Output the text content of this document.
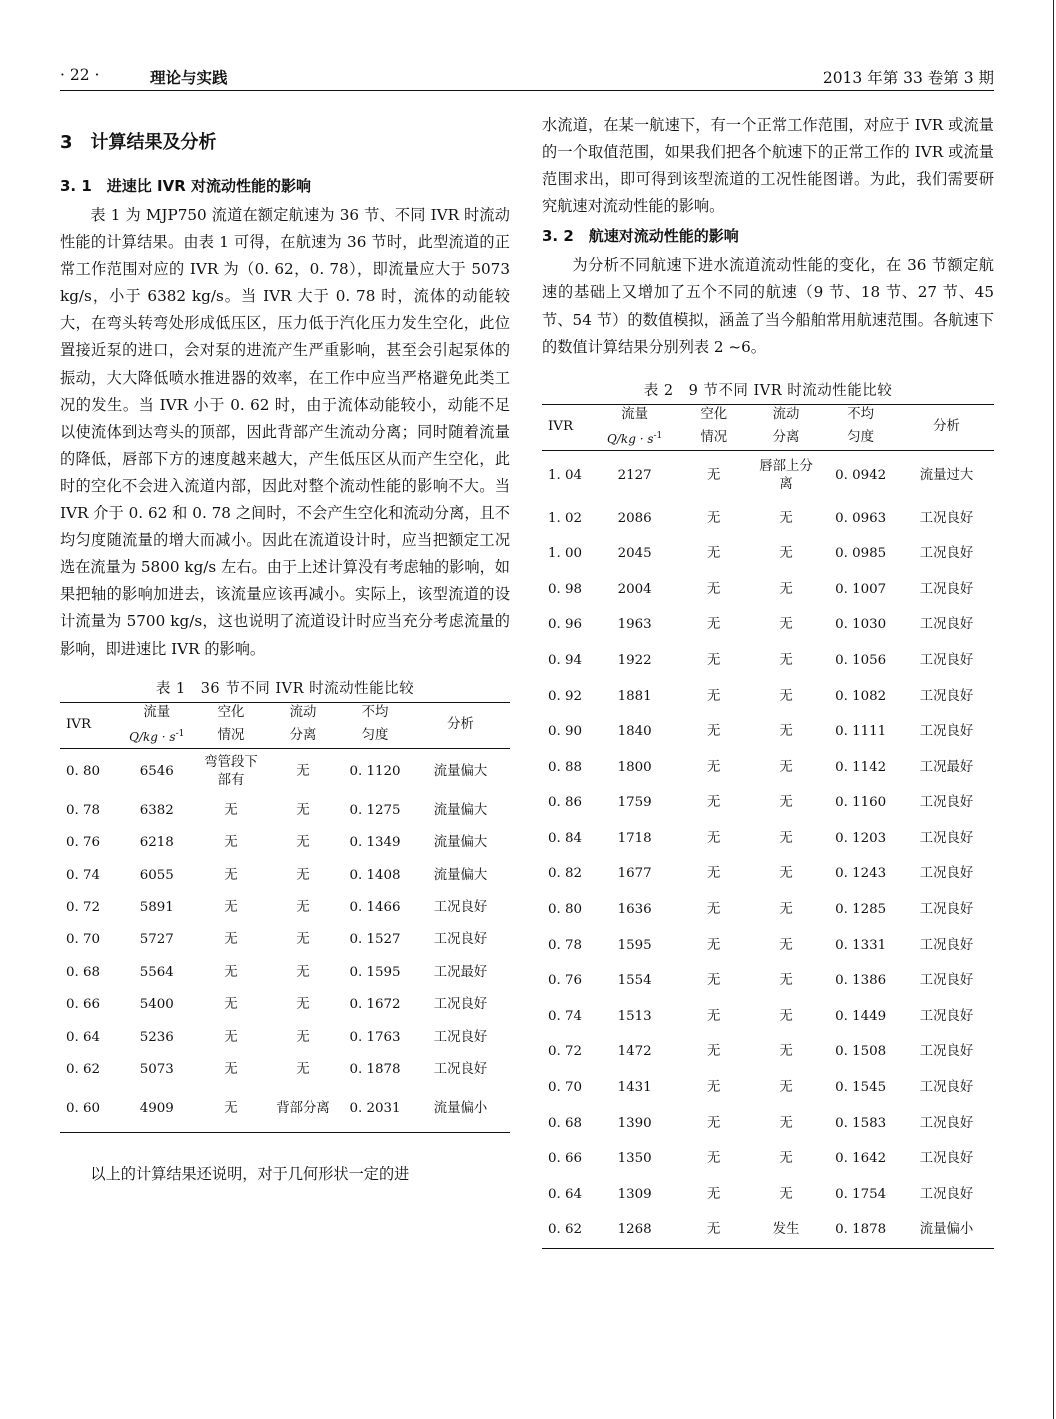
· 22 ·	理论与实践	2013 年第 33 卷第 3 期
3　计算结果及分析
3. 1　进速比 IVR 对流动性能的影响

表 1 为 MJP750 流道在额定航速为 36 节、不同 IVR 时流动性能的计算结果。由表 1 可得，在航速为 36 节时，此型流道的正常工作范围对应的 IVR 为（0. 62，0. 78），即流量应大于 5073 kg/s，小于 6382 kg/s。当 IVR 大于 0. 78 时，流体的动能较大，在弯头转弯处形成低压区，压力低于汽化压力发生空化，此位置接近泵的进口，会对泵的进流产生严重影响，甚至会引起泵体的振动，大大降低喷水推进器的效率，在工作中应当严格避免此类工况的发生。当 IVR 小于 0. 62 时，由于流体动能较小，动能不足以使流体到达弯头的顶部，因此背部产生流动分离；同时随着流量的降低，唇部下方的速度越来越大，产生低压区从而产生空化，此时的空化不会进入流道内部，因此对整个流动性能的影响不大。当 IVR 介于 0. 62 和 0. 78 之间时，不会产生空化和流动分离，且不均匀度随流量的增大而减小。因此在流道设计时，应当把额定工况选在流量为 5800 kg/s 左右。由于上述计算没有考虑轴的影响，如果把轴的影响加进去，该流量应该再减小。实际上，该型流道的设计流量为 5700 kg/s，这也说明了流道设计时应当充分考虑流量的影响，即进速比 IVR 的影响。

表 1　36 节不同 IVR 时流动性能比较
IVR	流量	空化	流动	不均	分析
	$Q/kg \cdot s^{-1}$	情况	分离	匀度	
0. 80	6546	弯管段下部有	无	0. 1120	流量偏大
0. 78	6382	无	无	0. 1275	流量偏大
0. 76	6218	无	无	0. 1349	流量偏大
0. 74	6055	无	无	0. 1408	流量偏大
0. 72	5891	无	无	0. 1466	工况良好
0. 70	5727	无	无	0. 1527	工况良好
0. 68	5564	无	无	0. 1595	工况最好
0. 66	5400	无	无	0. 1672	工况良好
0. 64	5236	无	无	0. 1763	工况良好
0. 62	5073	无	无	0. 1878	工况良好
0. 60	4909	无	背部分离	0. 2031	流量偏小

以上的计算结果还说明，对于几何形状一定的进

水流道，在某一航速下，有一个正常工作范围，对应于 IVR 或流量的一个取值范围，如果我们把各个航速下的正常工作的 IVR 或流量范围求出，即可得到该型流道的工况性能图谱。为此，我们需要研究航速对流动性能的影响。

3. 2　航速对流动性能的影响

为分析不同航速下进水流道流动性能的变化，在 36 节额定航速的基础上又增加了五个不同的航速（9 节、18 节、27 节、45 节、54 节）的数值模拟，涵盖了当今船舶常用航速范围。各航速下的数值计算结果分别列表 2 ~6。

表 2　9 节不同 IVR 时流动性能比较
IVR	流量	空化	流动	不均	分析
	$Q/kg \cdot s^{-1}$	情况	分离	匀度	
1. 04	2127	无	唇部上分离	0. 0942	流量过大
1. 02	2086	无	无	0. 0963	工况良好
1. 00	2045	无	无	0. 0985	工况良好
0. 98	2004	无	无	0. 1007	工况良好
0. 96	1963	无	无	0. 1030	工况良好
0. 94	1922	无	无	0. 1056	工况良好
0. 92	1881	无	无	0. 1082	工况良好
0. 90	1840	无	无	0. 1111	工况良好
0. 88	1800	无	无	0. 1142	工况最好
0. 86	1759	无	无	0. 1160	工况良好
0. 84	1718	无	无	0. 1203	工况良好
0. 82	1677	无	无	0. 1243	工况良好
0. 80	1636	无	无	0. 1285	工况良好
0. 78	1595	无	无	0. 1331	工况良好
0. 76	1554	无	无	0. 1386	工况良好
0. 74	1513	无	无	0. 1449	工况良好
0. 72	1472	无	无	0. 1508	工况良好
0. 70	1431	无	无	0. 1545	工况良好
0. 68	1390	无	无	0. 1583	工况良好
0. 66	1350	无	无	0. 1642	工况良好
0. 64	1309	无	无	0. 1754	工况良好
0. 62	1268	无	发生	0. 1878	流量偏小
